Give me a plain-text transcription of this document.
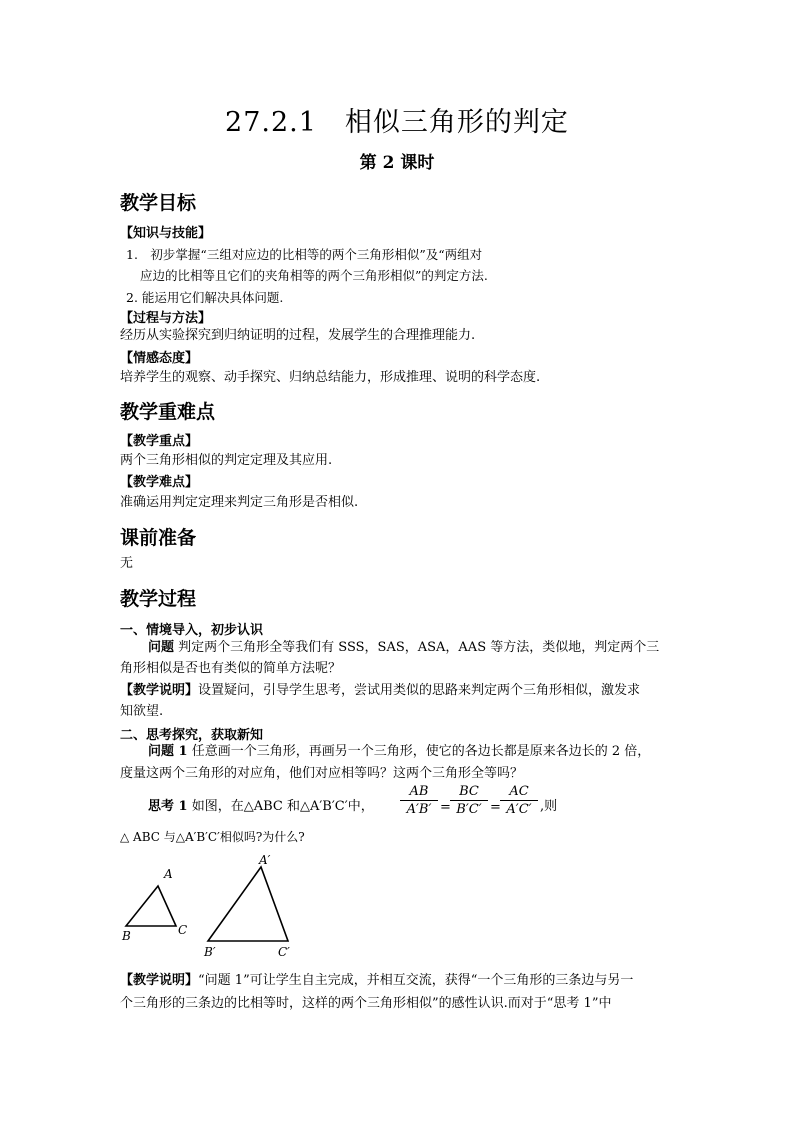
27.2.1　相似三角形的判定
第 2 课时
教学目标
【知识与技能】
1.　初步掌握“三组对应边的比相等的两个三角形相似”及“两组对
应边的比相等且它们的夹角相等的两个三角形相似”的判定方法.
2. 能运用它们解决具体问题.
【过程与方法】
经历从实验探究到归纳证明的过程，发展学生的合理推理能力.
【情感态度】
培养学生的观察、动手探究、归纳总结能力，形成推理、说明的科学态度.
教学重难点
【教学重点】
两个三角形相似的判定定理及其应用.
【教学难点】
准确运用判定定理来判定三角形是否相似.
课前准备
无
教学过程
一、情境导入，初步认识
问题 判定两个三角形全等我们有 SSS，SAS，ASA，AAS 等方法，类似地，判定两个三
角形相似是否也有类似的简单方法呢？
【教学说明】设置疑问，引导学生思考，尝试用类似的思路来判定两个三角形相似，激发求
知欲望.
二、思考探究，获取新知
问题 1 任意画一个三角形，再画另一个三角形，使它的各边长都是原来各边长的 2 倍，
度量这两个三角形的对应角，他们对应相等吗？这两个三角形全等吗？
思考 1 如图，在△ABC 和△A′B′C′中， $\frac{AB}{A'B'} = \frac{BC}{B'C'} = \frac{AC}{A'C'}$ ,则
△ ABC 与△A′B′C′相似吗?为什么?
A
B	C
A′
B′	C′
【教学说明】“问题 1”可让学生自主完成，并相互交流，获得“一个三角形的三条边与另一
个三角形的三条边的比相等时，这样的两个三角形相似”的感性认识.而对于“思考 1”中
